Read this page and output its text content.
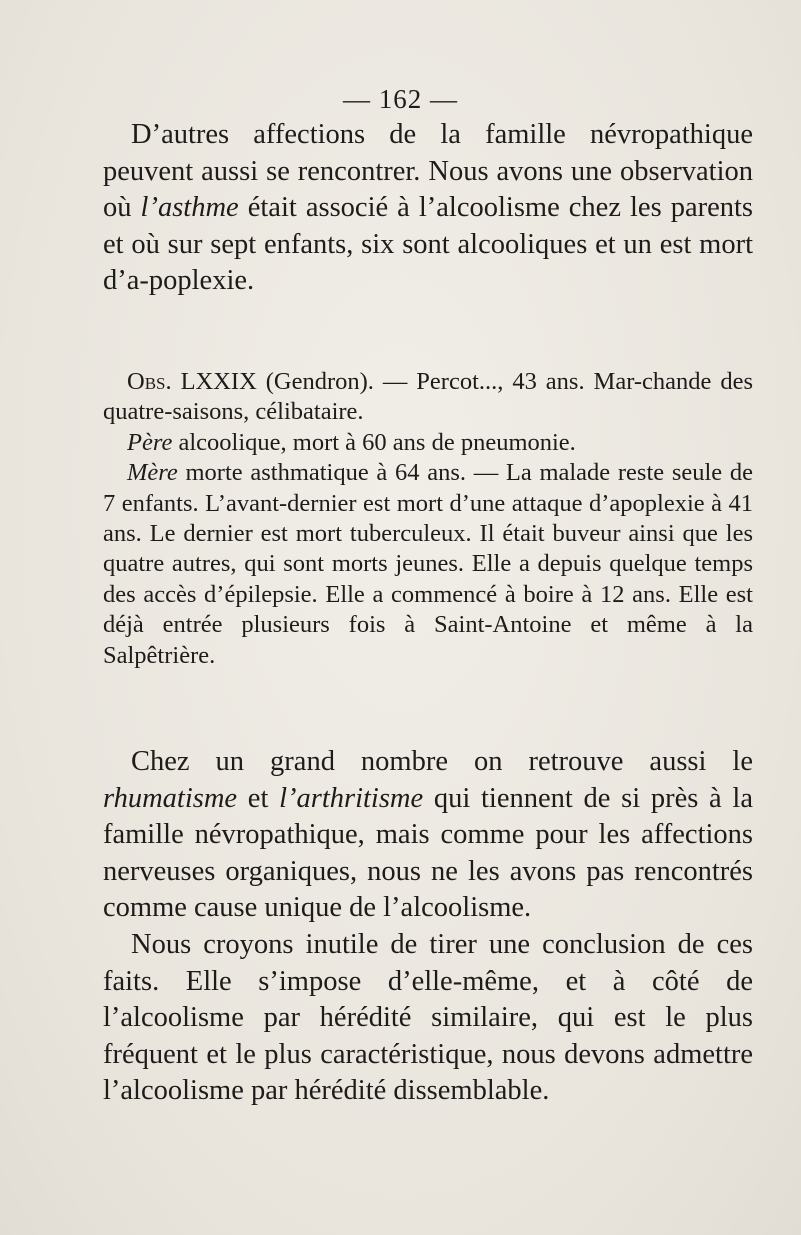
— 162 —

D’autres affections de la famille névropathique peuvent aussi se rencontrer. Nous avons une observation où l’asthme était associé à l’alcoolisme chez les parents et où sur sept enfants, six sont alcooliques et un est mort d’a-poplexie.

Obs. LXXIX (Gendron). — Percot..., 43 ans. Mar-chande des quatre-saisons, célibataire.

Père alcoolique, mort à 60 ans de pneumonie.

Mère morte asthmatique à 64 ans. — La malade reste seule de 7 enfants. L’avant-dernier est mort d’une attaque d’apoplexie à 41 ans. Le dernier est mort tuberculeux. Il était buveur ainsi que les quatre autres, qui sont morts jeunes. Elle a depuis quelque temps des accès d’épilepsie. Elle a commencé à boire à 12 ans. Elle est déjà entrée plusieurs fois à Saint-Antoine et même à la Salpêtrière.

Chez un grand nombre on retrouve aussi le rhumatisme et l’arthritisme qui tiennent de si près à la famille névropathique, mais comme pour les affections nerveuses organiques, nous ne les avons pas rencontrés comme cause unique de l’alcoolisme.

Nous croyons inutile de tirer une conclusion de ces faits. Elle s’impose d’elle-même, et à côté de l’alcoolisme par hérédité similaire, qui est le plus fréquent et le plus caractéristique, nous devons admettre l’alcoolisme par hérédité dissemblable.
